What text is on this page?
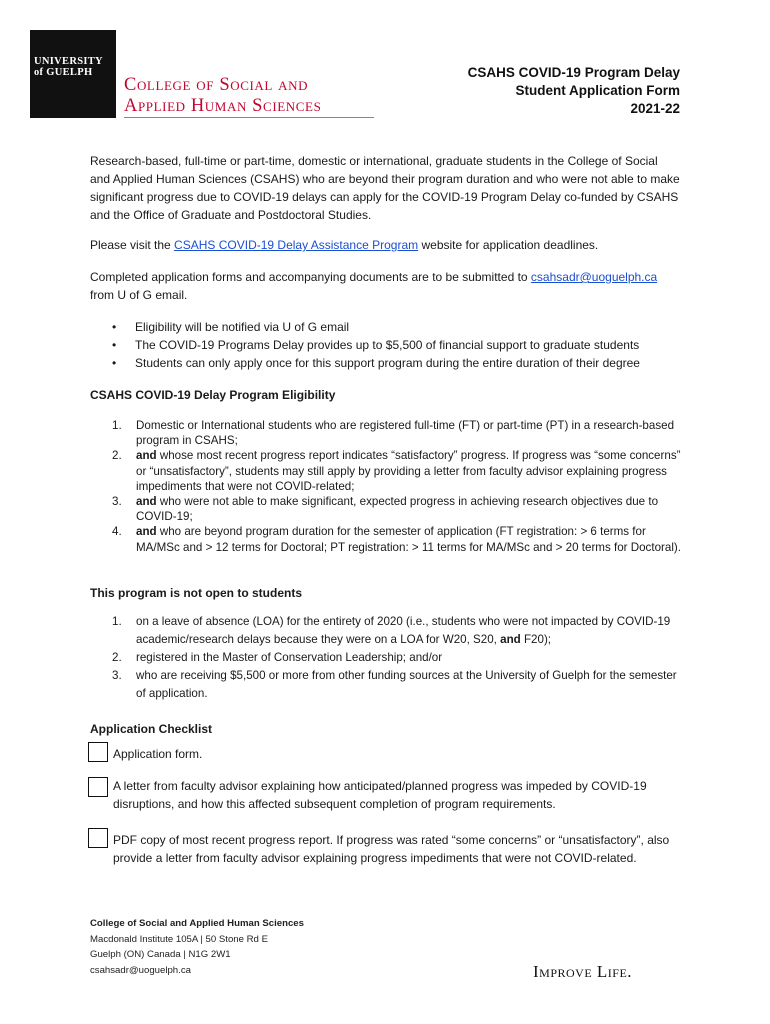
UNIVERSITY
of GUELPH
College of Social and
Applied Human Sciences
CSAHS COVID-19 Program Delay
Student Application Form
2021-22
Research-based, full-time or part-time, domestic or international, graduate students in the College of Social and Applied Human Sciences (CSAHS) who are beyond their program duration and who were not able to make significant progress due to COVID-19 delays can apply for the COVID-19 Program Delay co-funded by CSAHS and the Office of Graduate and Postdoctoral Studies.
Please visit the CSAHS COVID-19 Delay Assistance Program website for application deadlines.
Completed application forms and accompanying documents are to be submitted to csahsadr@uoguelph.ca from U of G email.
• Eligibility will be notified via U of G email
• The COVID-19 Programs Delay provides up to $5,500 of financial support to graduate students
• Students can only apply once for this support program during the entire duration of their degree
CSAHS COVID-19 Delay Program Eligibility
1. Domestic or International students who are registered full-time (FT) or part-time (PT) in a research-based program in CSAHS;
2. and whose most recent progress report indicates “satisfactory” progress. If progress was “some concerns” or “unsatisfactory”, students may still apply by providing a letter from faculty advisor explaining progress impediments that were not COVID-related;
3. and who were not able to make significant, expected progress in achieving research objectives due to COVID-19;
4. and who are beyond program duration for the semester of application (FT registration: > 6 terms for MA/MSc and > 12 terms for Doctoral; PT registration: > 11 terms for MA/MSc and > 20 terms for Doctoral).
This program is not open to students
1. on a leave of absence (LOA) for the entirety of 2020 (i.e., students who were not impacted by COVID-19 academic/research delays because they were on a LOA for W20, S20, and F20);
2. registered in the Master of Conservation Leadership; and/or
3. who are receiving $5,500 or more from other funding sources at the University of Guelph for the semester of application.
Application Checklist
Application form.
A letter from faculty advisor explaining how anticipated/planned progress was impeded by COVID-19 disruptions, and how this affected subsequent completion of program requirements.
PDF copy of most recent progress report. If progress was rated “some concerns” or “unsatisfactory”, also provide a letter from faculty advisor explaining progress impediments that were not COVID-related.
College of Social and Applied Human Sciences
Macdonald Institute 105A | 50 Stone Rd E
Guelph (ON) Canada | N1G 2W1
csahsadr@uoguelph.ca	Improve Life.
